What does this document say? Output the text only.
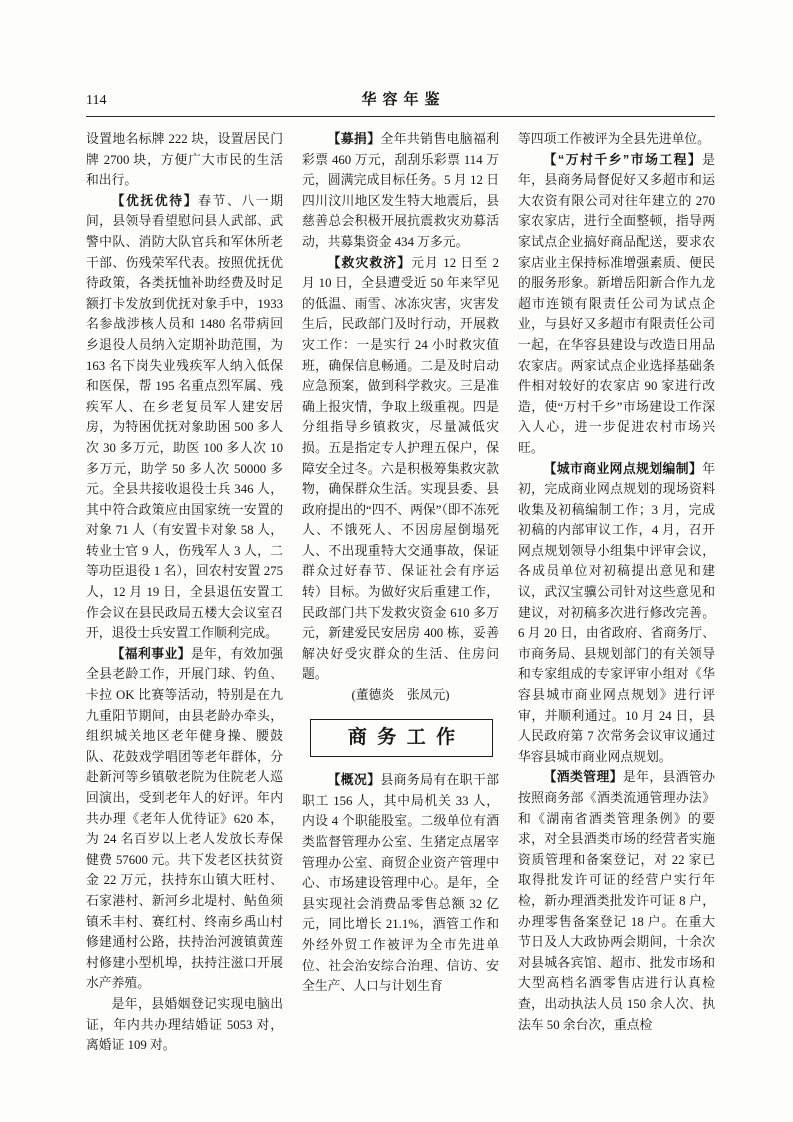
114	华容年鉴

设置地名标牌 222 块，设置居民门牌 2700 块，方便广大市民的生活和出行。

【优抚优待】春节、八一期间，县领导看望慰问县人武部、武警中队、消防大队官兵和军休所老干部、伤残荣军代表。按照优抚优待政策，各类抚恤补助经费及时足额打卡发放到优抚对象手中，1933 名参战涉核人员和 1480 名带病回乡退役人员纳入定期补助范围，为 163 名下岗失业残疾军人纳入低保和医保，帮 195 名重点烈军属、残疾军人、在乡老复员军人建安居房，为特困优抚对象助困 500 多人次 30 多万元，助医 100 多人次 10 多万元，助学 50 多人次 50000 多元。全县共接收退役士兵 346 人，其中符合政策应由国家统一安置的对象 71 人（有安置卡对象 58 人，转业士官 9 人，伤残军人 3 人，二等功臣退役 1 名），回农村安置 275 人，12 月 19 日，全县退伍安置工作会议在县民政局五楼大会议室召开，退役士兵安置工作顺利完成。

【福利事业】是年，有效加强全县老龄工作，开展门球、钓鱼、卡拉 OK 比赛等活动，特别是在九九重阳节期间，由县老龄办牵头，组织城关地区老年健身操、腰鼓队、花鼓戏学唱团等老年群体，分赴新河等乡镇敬老院为住院老人巡回演出，受到老年人的好评。年内共办理《老年人优待证》620 本，为 24 名百岁以上老人发放长寿保健费 57600 元。共下发老区扶贫资金 22 万元，扶持东山镇大旺村、石家港村、新河乡北堤村、鲇鱼须镇禾丰村、赛红村、终南乡禹山村修建通村公路，扶持治河渡镇黄莲村修建小型机埠，扶持注滋口开展水产养殖。

是年，县婚姻登记实现电脑出证，年内共办理结婚证 5053 对，离婚证 109 对。

【募捐】全年共销售电脑福利彩票 460 万元，刮刮乐彩票 114 万元，圆满完成目标任务。5 月 12 日四川汶川地区发生特大地震后，县慈善总会积极开展抗震救灾劝募活动，共募集资金 434 万多元。

【救灾救济】元月 12 日至 2 月 10 日，全县遭受近 50 年来罕见的低温、雨雪、冰冻灾害，灾害发生后，民政部门及时行动，开展救灾工作：一是实行 24 小时救灾值班，确保信息畅通。二是及时启动应急预案，做到科学救灾。三是准确上报灾情，争取上级重视。四是分组指导乡镇救灾，尽量减低灾损。五是指定专人护理五保户，保障安全过冬。六是积极筹集救灾款物，确保群众生活。实现县委、县政府提出的“四不、两保”（即不冻死人、不饿死人、不因房屋倒塌死人、不出现重特大交通事故，保证群众过好春节、保证社会有序运转）目标。为做好灾后重建工作，民政部门共下发救灾资金 610 多万元，新建爱民安居房 400 栋，妥善解决好受灾群众的生活、住房问题。

(董德炎　张凤元)

商务工作

【概况】县商务局有在职干部职工 156 人，其中局机关 33 人，内设 4 个职能股室。二级单位有酒类监督管理办公室、生猪定点屠宰管理办公室、商贸企业资产管理中心、市场建设管理中心。是年，全县实现社会消费品零售总额 32 亿元，同比增长 21.1%，酒管工作和外经外贸工作被评为全市先进单位、社会治安综合治理、信访、安全生产、人口与计划生育

等四项工作被评为全县先进单位。

【“万村千乡”市场工程】是年，县商务局督促好又多超市和运大农资有限公司对往年建立的 270 家农家店，进行全面整顿，指导两家试点企业搞好商品配送，要求农家店业主保持标准增强素质、便民的服务形象。新增岳阳新合作九龙超市连锁有限责任公司为试点企业，与县好又多超市有限责任公司一起，在华容县建设与改造日用品农家店。两家试点企业选择基础条件相对较好的农家店 90 家进行改造，使“万村千乡”市场建设工作深入人心，进一步促进农村市场兴旺。

【城市商业网点规划编制】年初，完成商业网点规划的现场资料收集及初稿编制工作；3 月，完成初稿的内部审议工作，4 月，召开网点规划领导小组集中评审会议，各成员单位对初稿提出意见和建议，武汉宝骥公司针对这些意见和建议，对初稿多次进行修改完善。6 月 20 日，由省政府、省商务厅、市商务局、县规划部门的有关领导和专家组成的专家评审小组对《华容县城市商业网点规划》进行评审，并顺利通过。10 月 24 日，县人民政府第 7 次常务会议审议通过华容县城市商业网点规划。

【酒类管理】是年，县酒管办按照商务部《酒类流通管理办法》和《湖南省酒类管理条例》的要求，对全县酒类市场的经营者实施资质管理和备案登记，对 22 家已取得批发许可证的经营户实行年检，新办理酒类批发许可证 8 户，办理零售备案登记 18 户。在重大节日及人大政协两会期间，十余次对县城各宾馆、超市、批发市场和大型高档名酒零售店进行认真检查，出动执法人员 150 余人次、执法车 50 余台次，重点检
